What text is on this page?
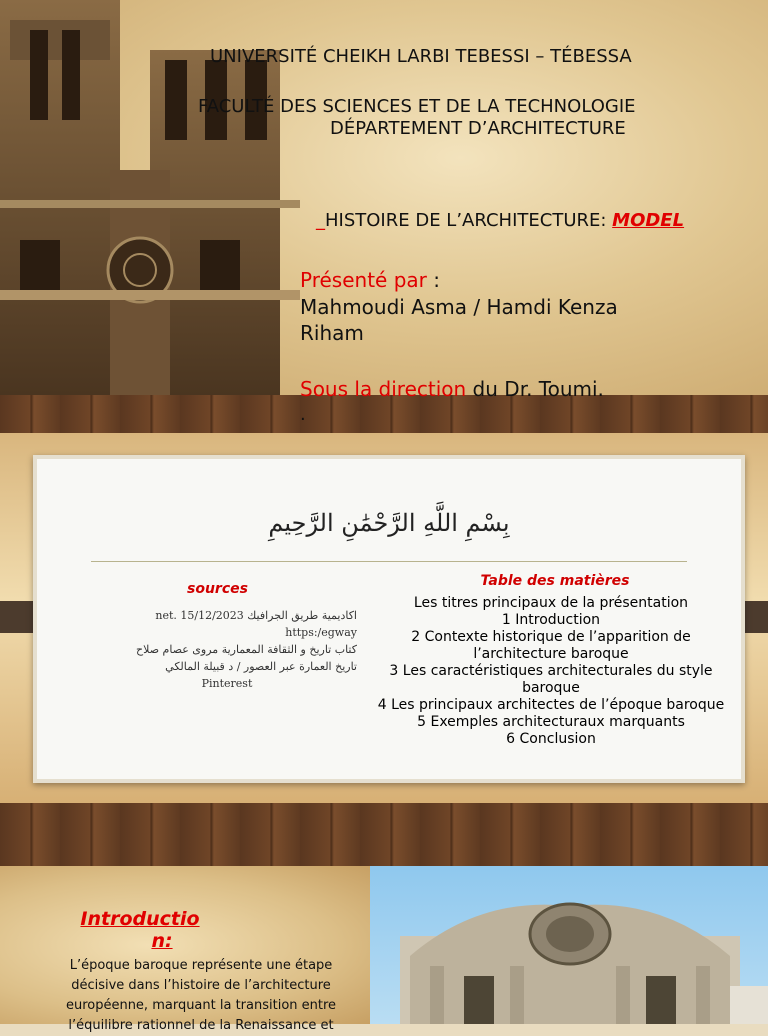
UNIVERSITÉ CHEIKH LARBI TEBESSI – TÉBESSA
FACULTÉ DES SCIENCES ET DE LA TECHNOLOGIE
DÉPARTEMENT D’ARCHITECTURE
_HISTOIRE DE L’ARCHITECTURE: MODEL
Présenté par :
Mahmoudi Asma / Hamdi Kenza
Riham
Sous la direction du Dr. Toumi.
.
بِسْمِ اللَّهِ الرَّحْمَٰنِ الرَّحِيمِ
sources
اكاديمية طريق الجرافيك 15/12/2023 .net https:/egway
كتاب تاريخ و الثقافة المعمارية مروى عصام صلاح
تاريخ العمارة عبر العصور / د قبيلة المالكي
Pinterest
Table des matières
Les titres principaux de la présentation
1 Introduction
2 Contexte historique de l’apparition de l’architecture baroque
3 Les caractéristiques architecturales du style baroque
4 Les principaux architectes de l’époque baroque
5 Exemples architecturaux marquants
6 Conclusion
Introductio
n:
L’époque baroque représente une étape
décisive dans l’histoire de l’architecture
européenne, marquant la transition entre
l’équilibre rationnel de la Renaissance et
